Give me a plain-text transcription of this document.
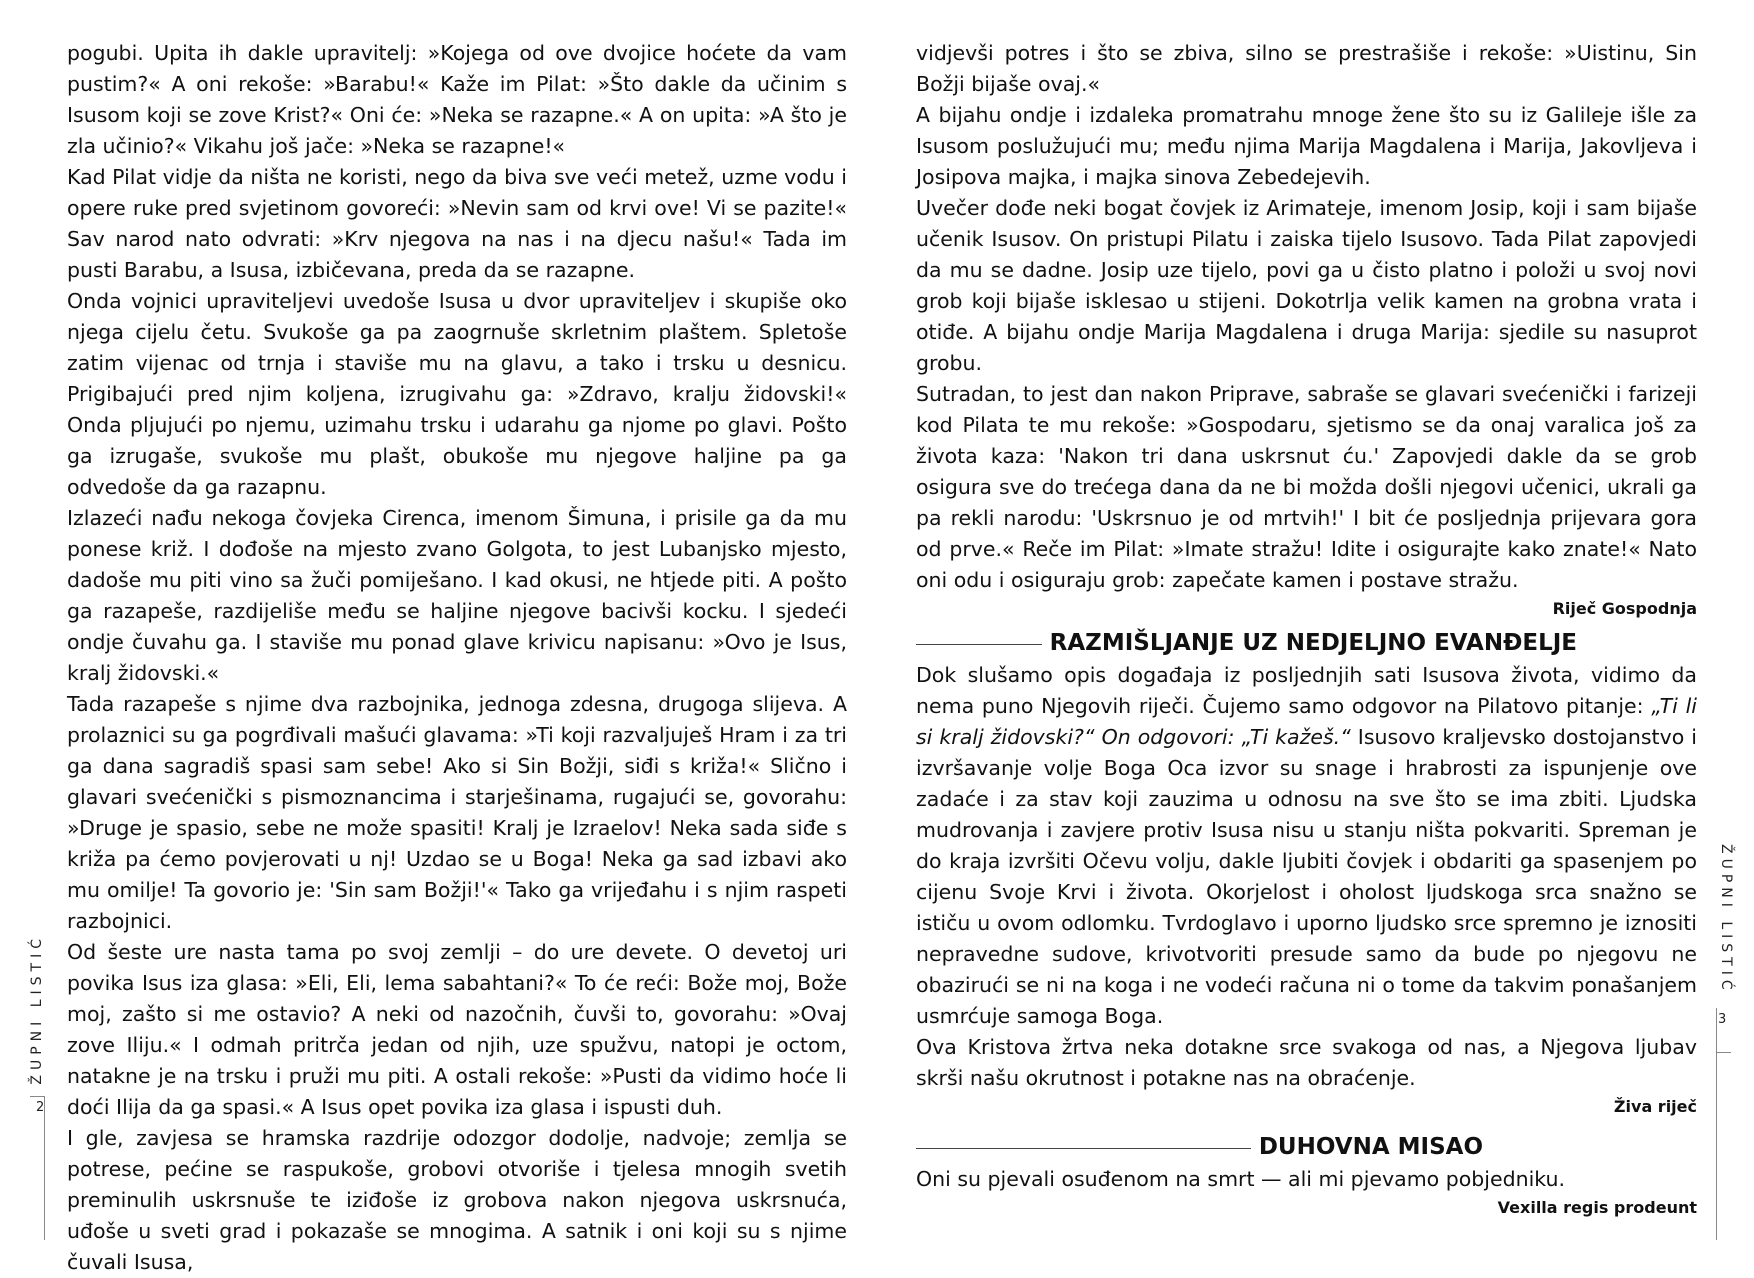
pogubi. Upita ih dakle upravitelj: »Kojega od ove dvojice hoćete da vam pustim?« A oni rekoše: »Barabu!« Kaže im Pilat: »Što dakle da učinim s Isusom koji se zove Krist?« Oni će: »Neka se razapne.« A on upita: »A što je zla učinio?« Vikahu još jače: »Neka se razapne!«

Kad Pilat vidje da ništa ne koristi, nego da biva sve veći metež, uzme vodu i opere ruke pred svjetinom govoreći: »Nevin sam od krvi ove! Vi se pazite!« Sav narod nato odvrati: »Krv njegova na nas i na djecu našu!« Tada im pusti Barabu, a Isusa, izbičevana, preda da se razapne.

Onda vojnici upraviteljevi uvedoše Isusa u dvor upraviteljev i skupiše oko njega cijelu četu. Svukoše ga pa zaogrnuše skrletnim plaštem. Spletoše zatim vijenac od trnja i staviše mu na glavu, a tako i trsku u desnicu. Prigibajući pred njim koljena, izrugivahu ga: »Zdravo, kralju židovski!« Onda pljujući po njemu, uzimahu trsku i udarahu ga njome po glavi. Pošto ga izrugaše, svukoše mu plašt, obukoše mu njegove haljine pa ga odvedoše da ga razapnu.

Izlazeći nađu nekoga čovjeka Cirenca, imenom Šimuna, i prisile ga da mu ponese križ. I dođoše na mjesto zvano Golgota, to jest Lubanjsko mjesto, dadoše mu piti vino sa žuči pomiješano. I kad okusi, ne htjede piti. A pošto ga razapeše, razdijeliše među se haljine njegove bacivši kocku. I sjedeći ondje čuvahu ga. I staviše mu ponad glave krivicu napisanu: »Ovo je Isus, kralj židovski.«

Tada razapeše s njime dva razbojnika, jednoga zdesna, drugoga slijeva. A prolaznici su ga pogrđivali mašući glavama: »Ti koji razvaljuješ Hram i za tri ga dana sagradiš spasi sam sebe! Ako si Sin Božji, siđi s križa!« Slično i glavari svećenički s pismoznancima i starješinama, rugajući se, govorahu: »Druge je spasio, sebe ne može spasiti! Kralj je Izraelov! Neka sada siđe s križa pa ćemo povjerovati u nj! Uzdao se u Boga! Neka ga sad izbavi ako mu omilje! Ta govorio je: 'Sin sam Božji!'« Tako ga vrijeđahu i s njim raspeti razbojnici.

Od šeste ure nasta tama po svoj zemlji – do ure devete. O devetoj uri povika Isus iza glasa: »Eli, Eli, lema sabahtani?« To će reći: Bože moj, Bože moj, zašto si me ostavio? A neki od nazočnih, čuvši to, govorahu: »Ovaj zove Iliju.« I odmah pritrča jedan od njih, uze spužvu, natopi je octom, natakne je na trsku i pruži mu piti. A ostali rekoše: »Pusti da vidimo hoće li doći Ilija da ga spasi.« A Isus opet povika iza glasa i ispusti duh.

I gle, zavjesa se hramska razdrije odozgor dodolje, nadvoje; zemlja se potrese, pećine se raspukoše, grobovi otvoriše i tjelesa mnogih svetih preminulih uskrsnuše te iziđoše iz grobova nakon njegova uskrsnuća, uđoše u sveti grad i pokazaše se mnogima. A satnik i oni koji su s njime čuvali Isusa,

vidjevši potres i što se zbiva, silno se prestrašiše i rekoše: »Uistinu, Sin Božji bijaše ovaj.«

A bijahu ondje i izdaleka promatrahu mnoge žene što su iz Galileje išle za Isusom poslužujući mu; među njima Marija Magdalena i Marija, Jakovljeva i Josipova majka, i majka sinova Zebedejevih.

Uvečer dođe neki bogat čovjek iz Arimateje, imenom Josip, koji i sam bijaše učenik Isusov. On pristupi Pilatu i zaiska tijelo Isusovo. Tada Pilat zapovjedi da mu se dadne. Josip uze tijelo, povi ga u čisto platno i položi u svoj novi grob koji bijaše isklesao u stijeni. Dokotrlja velik kamen na grobna vrata i otiđe. A bijahu ondje Marija Magdalena i druga Marija: sjedile su nasuprot grobu.

Sutradan, to jest dan nakon Priprave, sabraše se glavari svećenički i farizeji kod Pilata te mu rekoše: »Gospodaru, sjetismo se da onaj varalica još za života kaza: 'Nakon tri dana uskrsnut ću.' Zapovjedi dakle da se grob osigura sve do trećega dana da ne bi možda došli njegovi učenici, ukrali ga pa rekli narodu: 'Uskrsnuo je od mrtvih!' I bit će posljednja prijevara gora od prve.« Reče im Pilat: »Imate stražu! Idite i osigurajte kako znate!« Nato oni odu i osiguraju grob: zapečate kamen i postave stražu.

Riječ Gospodnja
RAZMIŠLJANJE UZ NEDJELJNO EVANĐELJE

Dok slušamo opis događaja iz posljednjih sati Isusova života, vidimo da nema puno Njegovih riječi. Čujemo samo odgovor na Pilatovo pitanje: „Ti li si kralj židovski?“ On odgovori: „Ti kažeš.“ Isusovo kraljevsko dostojanstvo i izvršavanje volje Boga Oca izvor su snage i hrabrosti za ispunjenje ove zadaće i za stav koji zauzima u odnosu na sve što se ima zbiti. Ljudska mudrovanja i zavjere protiv Isusa nisu u stanju ništa pokvariti. Spreman je do kraja izvršiti Očevu volju, dakle ljubiti čovjek i obdariti ga spasenjem po cijenu Svoje Krvi i života. Okorjelost i oholost ljudskoga srca snažno se ističu u ovom odlomku. Tvrdoglavo i uporno ljudsko srce spremno je iznositi nepravedne sudove, krivotvoriti presude samo da bude po njegovu ne obazirući se ni na koga i ne vodeći računa ni o tome da takvim ponašanjem usmrćuje samoga Boga.

Ova Kristova žrtva neka dotakne srce svakoga od nas, a Njegova ljubav skrši našu okrutnost i potakne nas na obraćenje.

Živa riječ
DUHOVNA MISAO

Oni su pjevali osuđenom na smrt — ali mi pjevamo pobjedniku.

Vexilla regis prodeunt
ŽUPNI LISTIĆ
2
ŽUPNI LISTIĆ
3
